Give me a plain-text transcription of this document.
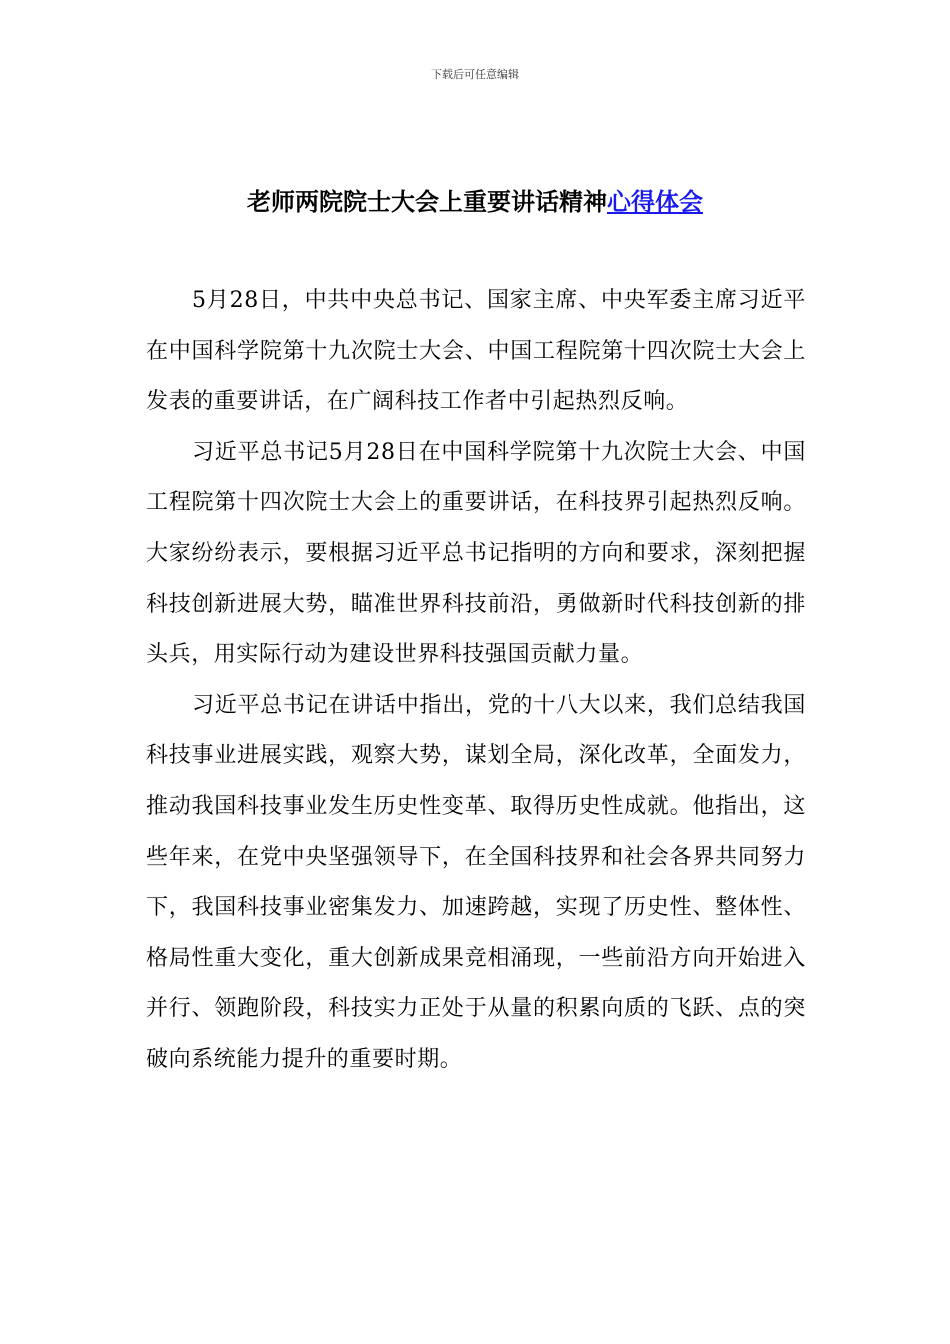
下载后可任意编辑
老师两院院士大会上重要讲话精神心得体会

5月28日，中共中央总书记、国家主席、中央军委主席习近平在中国科学院第十九次院士大会、中国工程院第十四次院士大会上发表的重要讲话，在广阔科技工作者中引起热烈反响。

习近平总书记5月28日在中国科学院第十九次院士大会、中国工程院第十四次院士大会上的重要讲话，在科技界引起热烈反响。大家纷纷表示，要根据习近平总书记指明的方向和要求，深刻把握科技创新进展大势，瞄准世界科技前沿，勇做新时代科技创新的排头兵，用实际行动为建设世界科技强国贡献力量。

习近平总书记在讲话中指出，党的十八大以来，我们总结我国科技事业进展实践，观察大势，谋划全局，深化改革，全面发力，推动我国科技事业发生历史性变革、取得历史性成就。他指出，这些年来，在党中央坚强领导下，在全国科技界和社会各界共同努力下，我国科技事业密集发力、加速跨越，实现了历史性、整体性、格局性重大变化，重大创新成果竞相涌现，一些前沿方向开始进入并行、领跑阶段，科技实力正处于从量的积累向质的飞跃、点的突破向系统能力提升的重要时期。
